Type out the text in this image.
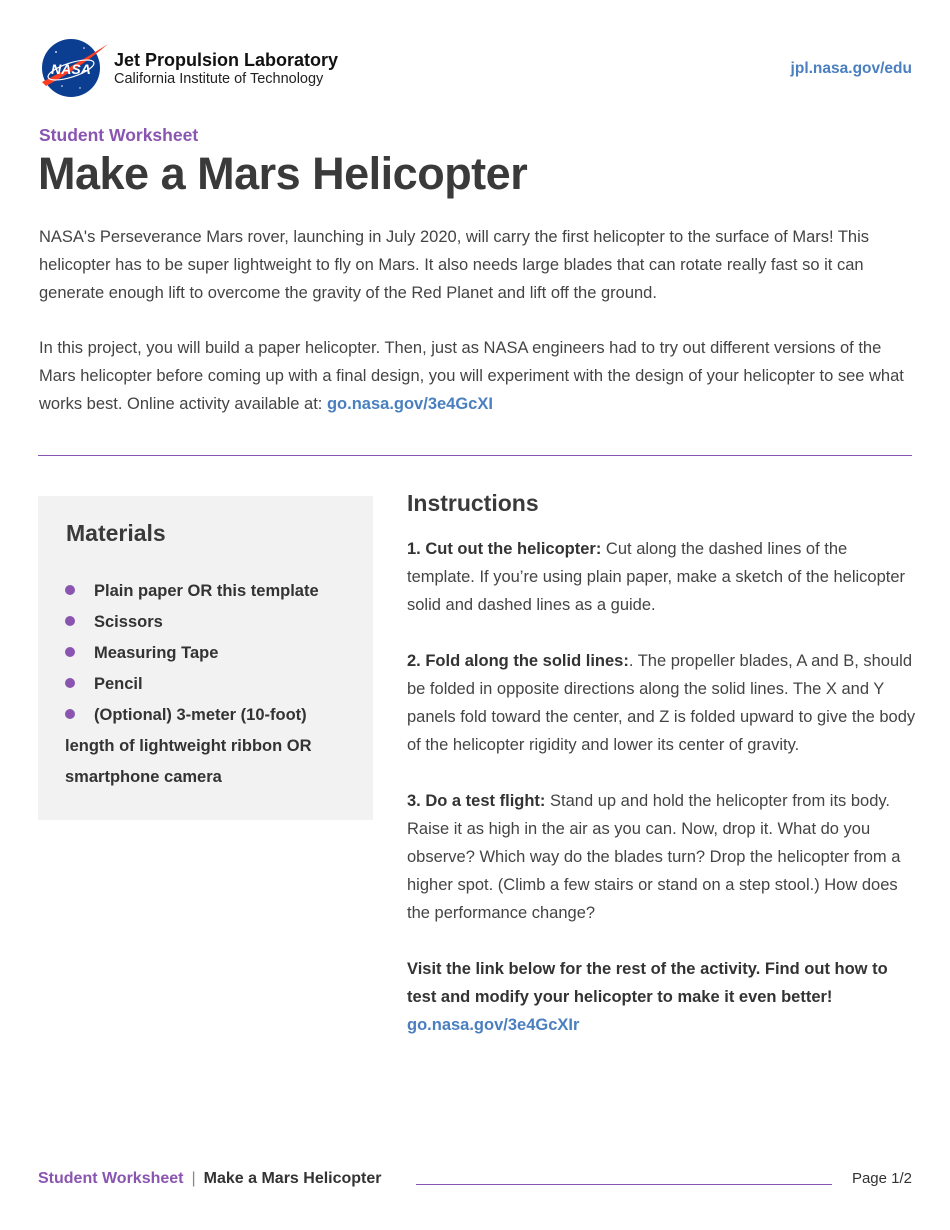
NASA Jet Propulsion Laboratory
California Institute of Technology
jpl.nasa.gov/edu
Student Worksheet
Make a Mars Helicopter
NASA's Perseverance Mars rover, launching in July 2020, will carry the first helicopter to the surface of Mars! This helicopter has to be super lightweight to fly on Mars. It also needs large blades that can rotate really fast so it can generate enough lift to overcome the gravity of the Red Planet and lift off the ground.
In this project, you will build a paper helicopter. Then, just as NASA engineers had to try out different versions of the Mars helicopter before coming up with a final design, you will experiment with the design of your helicopter to see what works best. Online activity available at: go.nasa.gov/3e4GcXI
Materials
Plain paper OR this template
Scissors
Measuring Tape
Pencil
(Optional) 3-meter (10-foot) length of lightweight ribbon OR smartphone camera
Instructions

1. Cut out the helicopter: Cut along the dashed lines of the template. If you’re using plain paper, make a sketch of the helicopter solid and dashed lines as a guide.

2. Fold along the solid lines:. The propeller blades, A and B, should be folded in opposite directions along the solid lines. The X and Y panels fold toward the center, and Z is folded upward to give the body of the helicopter rigidity and lower its center of gravity.

3. Do a test flight: Stand up and hold the helicopter from its body. Raise it as high in the air as you can. Now, drop it. What do you observe? Which way do the blades turn? Drop the helicopter from a higher spot. (Climb a few stairs or stand on a step stool.) How does the performance change?

Visit the link below for the rest of the activity. Find out how to test and modify your helicopter to make it even better!
go.nasa.gov/3e4GcXIr

Student Worksheet | Make a Mars Helicopter	Page 1/2
